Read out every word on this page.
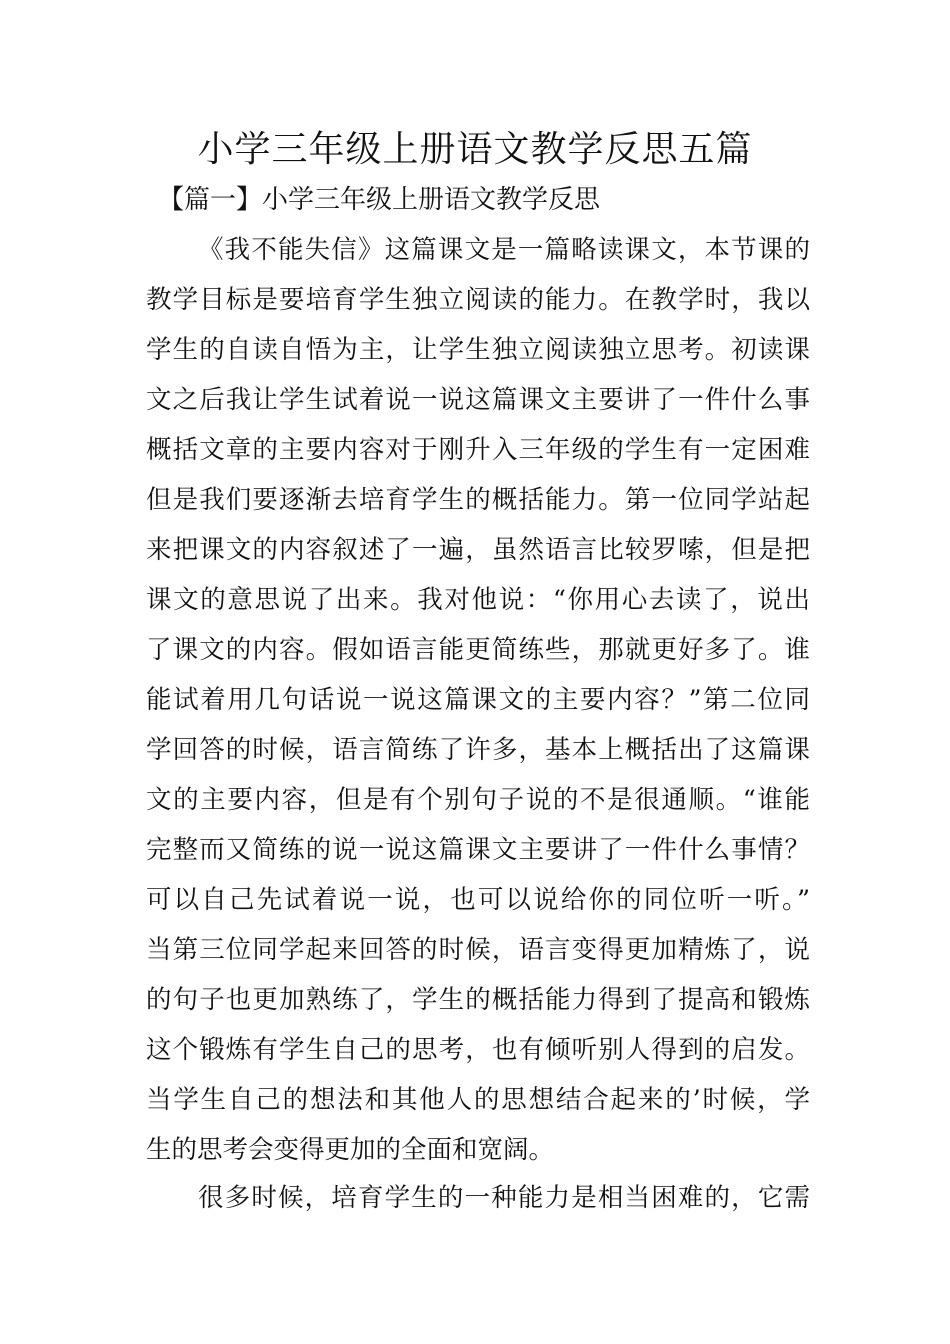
小学三年级上册语文教学反思五篇
【篇一】小学三年级上册语文教学反思
《我不能失信》这篇课文是一篇略读课文，本节课的
教学目标是要培育学生独立阅读的能力。在教学时，我以
学生的自读自悟为主，让学生独立阅读独立思考。初读课
文之后我让学生试着说一说这篇课文主要讲了一件什么事
概括文章的主要内容对于刚升入三年级的学生有一定困难
但是我们要逐渐去培育学生的概括能力。第一位同学站起
来把课文的内容叙述了一遍，虽然语言比较罗嗦，但是把
课文的意思说了出来。我对他说：“你用心去读了，说出
了课文的内容。假如语言能更简练些，那就更好多了。谁
能试着用几句话说一说这篇课文的主要内容？”第二位同
学回答的时候，语言简练了许多，基本上概括出了这篇课
文的主要内容，但是有个别句子说的不是很通顺。“谁能
完整而又简练的说一说这篇课文主要讲了一件什么事情？
可以自己先试着说一说，也可以说给你的同位听一听。”
当第三位同学起来回答的时候，语言变得更加精炼了，说
的句子也更加熟练了，学生的概括能力得到了提高和锻炼
这个锻炼有学生自己的思考，也有倾听别人得到的启发。
当学生自己的想法和其他人的思想结合起来的’时候，学
生的思考会变得更加的全面和宽阔。
很多时候，培育学生的一种能力是相当困难的，它需
